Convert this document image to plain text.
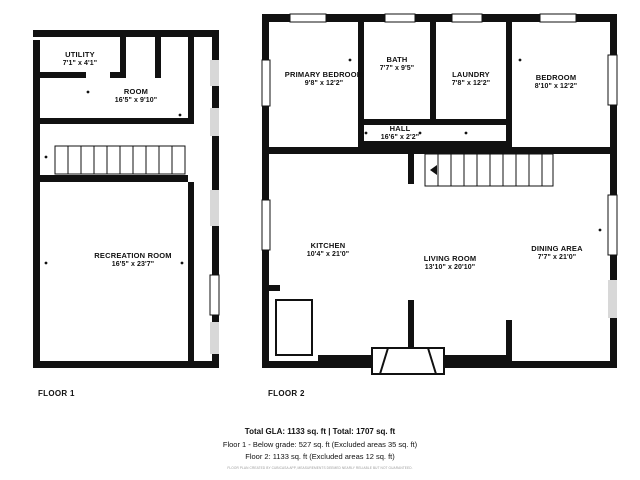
UTILITY
7'1" x 4'1"
ROOM
16'5" x 9'10"
RECREATION ROOM
16'5" x 23'7"
PRIMARY BEDROOM
9'8" x 12'2"
BATH
7'7" x 9'5"
LAUNDRY
7'8" x 12'2"
BEDROOM
8'10" x 12'2"
HALL
16'6" x 2'2"
KITCHEN
10'4" x 21'0"	LIVING ROOM
13'10" x 20'10"
DINING AREA
7'7" x 21'0"
FLOOR 1	FLOOR 2
Total GLA: 1133 sq. ft | Total: 1707 sq. ft
Floor 1 - Below grade: 527 sq. ft (Excluded areas 35 sq. ft)
Floor 2: 1133 sq. ft (Excluded areas 12 sq. ft)
FLOOR PLAN CREATED BY CUBICASA APP, MEASUREMENTS DEEMED NEARLY RELIABLE BUT NOT GUARANTEED.
